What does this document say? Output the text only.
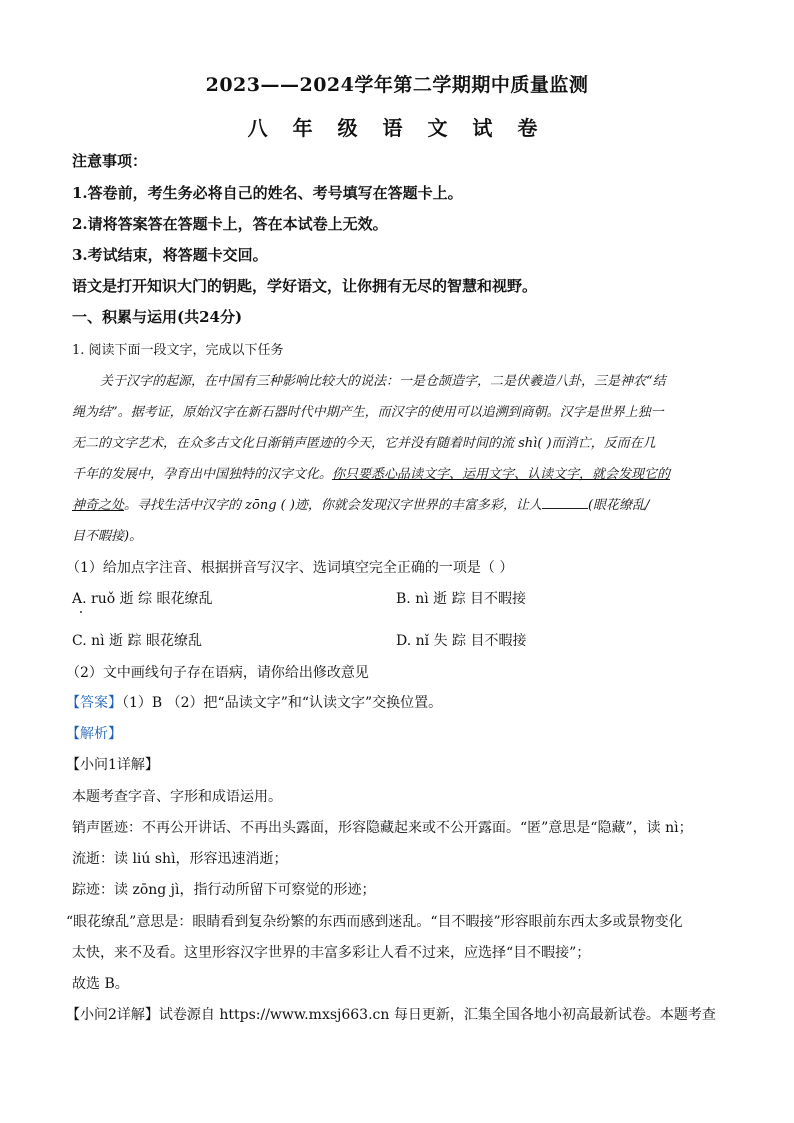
2023——2024学年第二学期期中质量监测
八 年 级 语 文 试 卷
注意事项：
1.答卷前，考生务必将自己的姓名、考号填写在答题卡上。
2.请将答案答在答题卡上，答在本试卷上无效。
3.考试结束，将答题卡交回。
语文是打开知识大门的钥匙，学好语文，让你拥有无尽的智慧和视野。
一、积累与运用(共24分)
1. 阅读下面一段文字，完成以下任务
关于汉字的起源，在中国有三种影响比较大的说法：一是仓颉造字，二是伏羲造八卦，三是神农“结
绳为结”。据考证，原始汉字在新石器时代中期产生，而汉字的使用可以追溯到商朝。汉字是世界上独一
无二的文字艺术，在众多古文化日渐销声匿迹的今天，它并没有随着时间的流 shì( )而消亡，反而在几
千年的发展中，孕育出中国独特的汉字文化。你只要悉心品读文字、运用文字、认读文字，就会发现它的
神奇之处。寻找生活中汉字的 zōng ( )迹，你就会发现汉字世界的丰富多彩，让人	(眼花缭乱/
目不暇接)。
（1）给加点字注音、根据拼音写汉字、选词填空完全正确的一项是（ ）
A. ruǒ 逝 综 眼花缭乱	B. nì 逝 踪 目不暇接
C. nì 逝 踪 眼花缭乱	D. nǐ 失 踪 目不暇接
（2）文中画线句子存在语病，请你给出修改意见
【答案】（1）B （2）把“品读文字”和“认读文字”交换位置。
【解析】
【小问1详解】
本题考查字音、字形和成语运用。
销声匿迹：不再公开讲话、不再出头露面，形容隐藏起来或不公开露面。“匿”意思是“隐藏”，读 nì；
流逝：读 liú shì，形容迅速消逝；
踪迹：读 zōng jì，指行动所留下可察觉的形迹；
“眼花缭乱”意思是：眼睛看到复杂纷繁的东西而感到迷乱。“目不暇接”形容眼前东西太多或景物变化
太快，来不及看。这里形容汉字世界的丰富多彩让人看不过来，应选择“目不暇接”；
故选 B。
【小问2详解】试卷源自 https://www.mxsj663.cn 每日更新，汇集全国各地小初高最新试卷。本题考查
